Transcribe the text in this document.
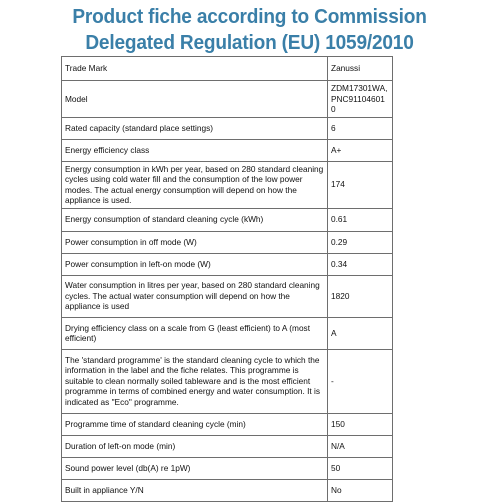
Product fiche according to Commission
Delegated Regulation (EU) 1059/2010
Trade Mark	Zanussi
Model	ZDM17301WA,
PNC911046010
Rated capacity (standard place settings)	6
Energy efficiency class	A+
Energy consumption in kWh per year, based on 280 standard cleaning cycles using cold water fill and the consumption of the low power modes. The actual energy consumption will depend on how the appliance is used.	174
Energy consumption of standard cleaning cycle (kWh)	0.61
Power consumption in off mode (W)	0.29
Power consumption in left-on mode (W)	0.34
Water consumption in litres per year, based on 280 standard cleaning cycles. The actual water consumption will depend on how the appliance is used	1820
Drying efficiency class on a scale from G (least efficient) to A (most efficient)	A
The 'standard programme' is the standard cleaning cycle to which the information in the label and the fiche relates. This programme is suitable to clean normally soiled tableware and is the most efficient programme in terms of combined energy and water consumption. It is indicated as "Eco" programme.	-
Programme time of standard cleaning cycle (min)	150
Duration of left-on mode (min)	N/A
Sound power level (db(A) re 1pW)	50
Built in appliance Y/N	No
